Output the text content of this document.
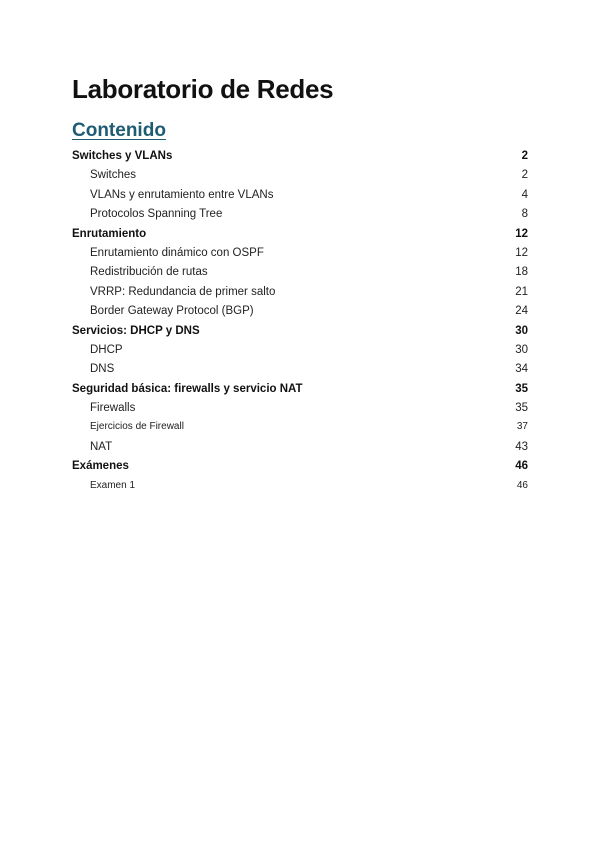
Laboratorio de Redes
Contenido
Switches y VLANs	2
Switches	2
VLANs y enrutamiento entre VLANs	4
Protocolos Spanning Tree	8
Enrutamiento	12
Enrutamiento dinámico con OSPF	12
Redistribución de rutas	18
VRRP: Redundancia de primer salto	21
Border Gateway Protocol (BGP)	24
Servicios: DHCP y DNS	30
DHCP	30
DNS	34
Seguridad básica: firewalls y servicio NAT	35
Firewalls	35
Ejercicios de Firewall	37
NAT	43
Exámenes	46
Examen 1	46
